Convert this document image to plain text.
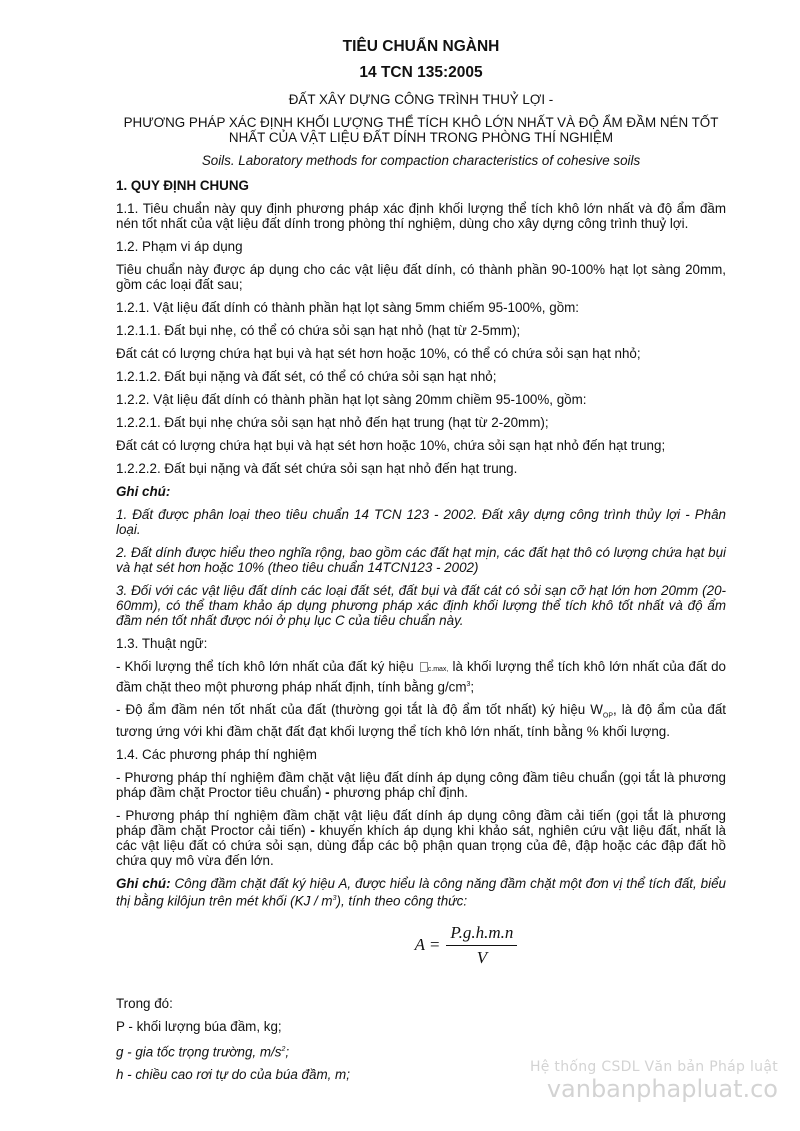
TIÊU CHUẨN NGÀNH
14 TCN 135:2005
ĐẤT XÂY DỰNG CÔNG TRÌNH THUỶ LỢI -
PHƯƠNG PHÁP XÁC ĐỊNH KHỐI LƯỢNG THỂ TÍCH KHÔ LỚN NHẤT VÀ ĐỘ ẨM ĐẦM NÉN TỐT NHẤT CỦA VẬT LIỆU ĐẤT DÍNH TRONG PHÒNG THÍ NGHIỆM
Soils. Laboratory methods for compaction characteristics of cohesive soils

1. QUY ĐỊNH CHUNG

1.1. Tiêu chuẩn này quy định phương pháp xác định khối lượng thể tích khô lớn nhất và độ ẩm đầm nén tốt nhất của vật liệu đất dính trong phòng thí nghiệm, dùng cho xây dựng công trình thuỷ lợi.

1.2. Phạm vi áp dụng

Tiêu chuẩn này được áp dụng cho các vật liệu đất dính, có thành phần 90-100% hạt lọt sàng 20mm, gồm các loại đất sau;

1.2.1. Vật liệu đất dính có thành phần hạt lọt sàng 5mm chiếm 95-100%, gồm:

1.2.1.1. Đất bụi nhẹ, có thể có chứa sỏi sạn hạt nhỏ (hạt từ 2-5mm);

Đất cát có lượng chứa hạt bụi và hạt sét hơn hoặc 10%, có thể có chứa sỏi sạn hạt nhỏ;

1.2.1.2. Đất bụi nặng và đất sét, có thể có chứa sỏi sạn hạt nhỏ;

1.2.2. Vật liệu đất dính có thành phần hạt lọt sàng 20mm chiềm 95-100%, gồm:

1.2.2.1. Đất bụi nhẹ chứa sỏi sạn hạt nhỏ đến hạt trung (hạt từ 2-20mm);

Đất cát có lượng chứa hạt bụi và hạt sét hơn hoặc 10%, chứa sỏi sạn hạt nhỏ đến hạt trung;

1.2.2.2. Đất bụi nặng và đất sét chứa sỏi sạn hạt nhỏ đến hạt trung.

Ghi chú:

1. Đất được phân loại theo tiêu chuẩn 14 TCN 123 - 2002. Đất xây dựng công trình thủy lợi - Phân loại.

2. Đất dính được hiểu theo nghĩa rộng, bao gồm các đất hạt mịn, các đất hạt thô có lượng chứa hạt bụi và hạt sét hơn hoặc 10% (theo tiêu chuẩn 14TCN123 - 2002)

3. Đối với các vật liệu đất dính các loại đất sét, đất bụi và đất cát có sỏi sạn cỡ hạt lớn hơn 20mm (20-60mm), có thể tham khảo áp dụng phương pháp xác định khối lượng thể tích khô tốt nhất và độ ẩm đầm nén tốt nhất được nói ở phụ lục C của tiêu chuẩn này.

1.3. Thuật ngữ:

- Khối lượng thể tích khô lớn nhất của đất ký hiệu c.max, là khối lượng thể tích khô lớn nhất của đất do đầm chặt theo một phương pháp nhất định, tính bằng $g/cm^3$;

- Độ ẩm đầm nén tốt nhất của đất (thường gọi tắt là độ ẩm tốt nhất) ký hiệu $W_{OP}$, là độ ẩm của đất tương ứng với khi đầm chặt đất đạt khối lượng thể tích khô lớn nhất, tính bằng % khối lượng.

1.4. Các phương pháp thí nghiệm

- Phương pháp thí nghiệm đầm chặt vật liệu đất dính áp dụng công đầm tiêu chuẩn (gọi tắt là phương pháp đầm chặt Proctor tiêu chuẩn) - phương pháp chỉ định.

- Phương pháp thí nghiệm đầm chặt vật liệu đất dính áp dụng công đầm cải tiến (gọi tắt là phương pháp đầm chặt Proctor cải tiến) - khuyến khích áp dụng khi khảo sát, nghiên cứu vật liệu đất, nhất là các vật liệu đất có chứa sỏi sạn, dùng đắp các bộ phận quan trọng của đê, đập hoặc các đập đất hồ chứa quy mô vừa đến lớn.

Ghi chú: Công đầm chặt đất ký hiệu A, được hiểu là công năng đầm chặt một đơn vị thể tích đất, biểu thị bằng kilôjun trên mét khối $(KJ / m^3)$, tính theo công thức:

$A = \frac{P.g.h.m.n}{V}$

Trong đó:

P - khối lượng búa đầm, kg;

g - gia tốc trọng trường, $m/s^2$;

h - chiều cao rơi tự do của búa đầm, m;	Hệ thống CSDL Văn bản Pháp luật
vanbanphapluat.co
